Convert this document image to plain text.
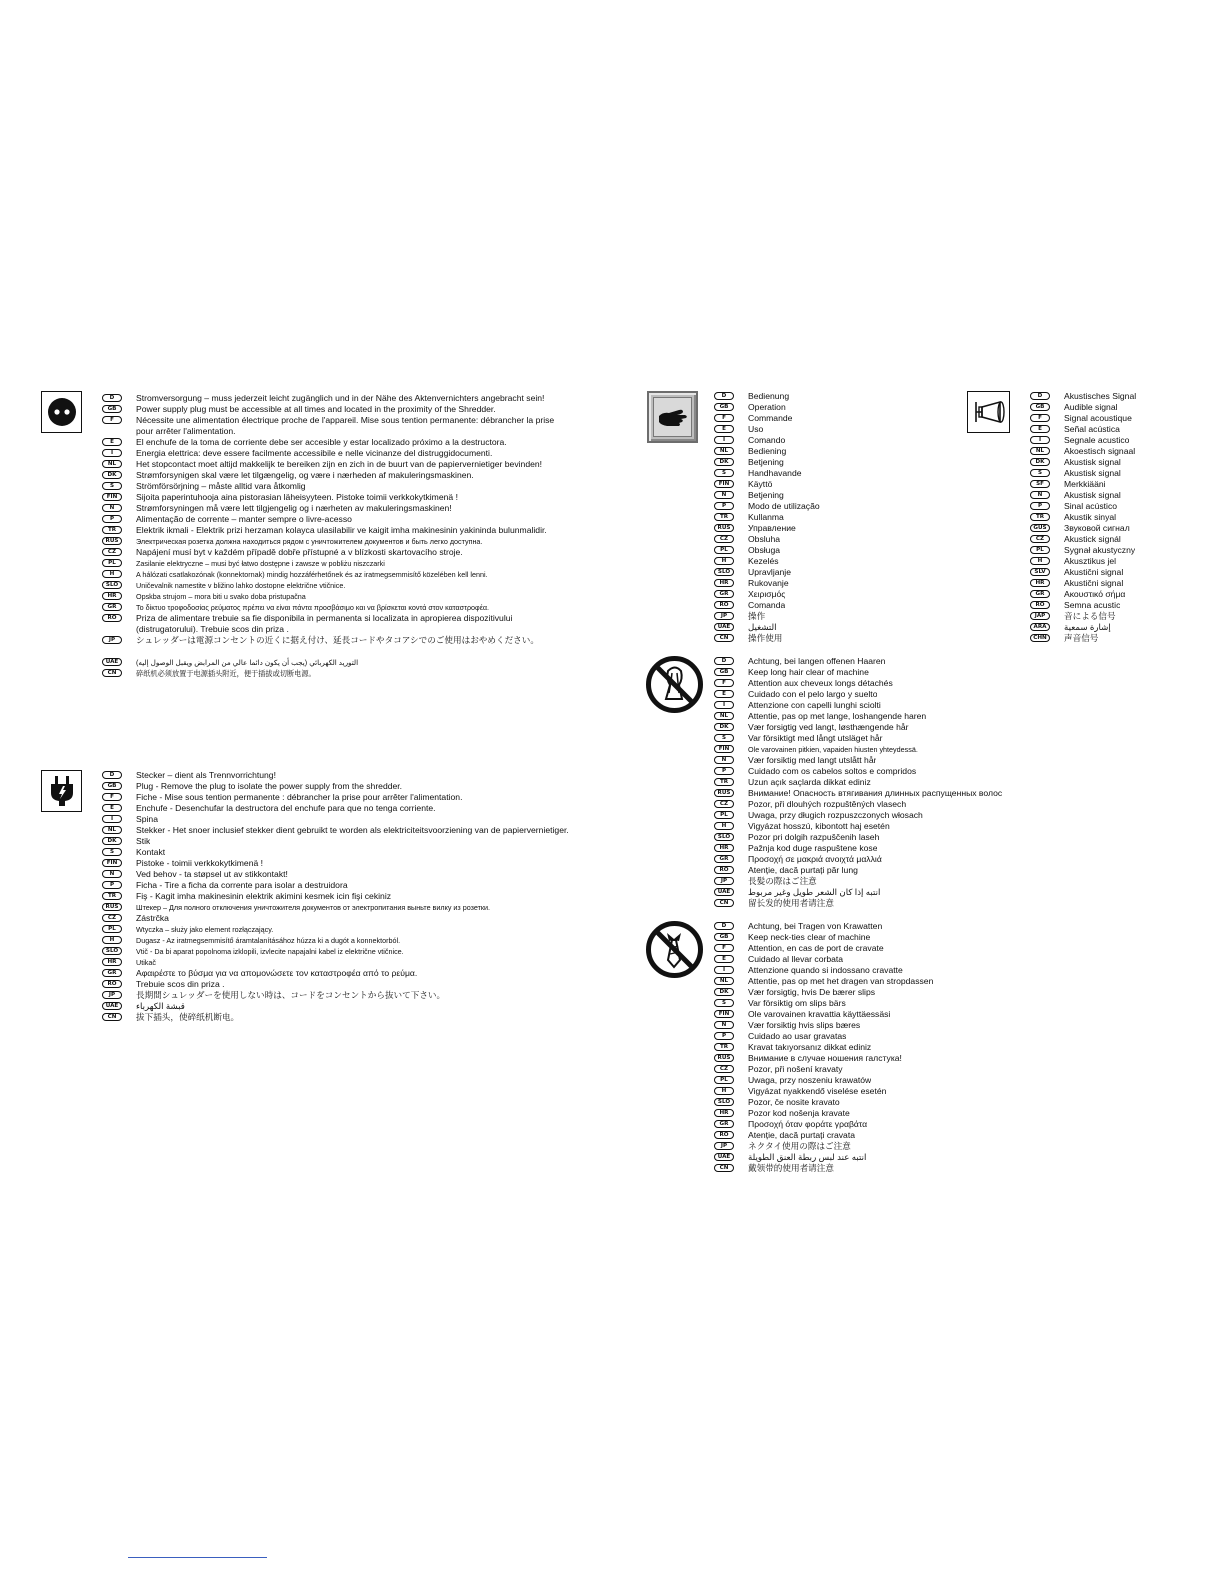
D	Stromversorgung – muss jederzeit leicht zugänglich und in der Nähe des Aktenvernichters angebracht sein!
GB	Power supply plug must be accessible at all times and located in the proximity of the Shredder.
F	Nécessite une alimentation électrique proche de l'appareil. Mise sous tention permanente: débrancher la prise pour arrêter l'alimentation.
E	El enchufe de la toma de corriente debe ser accesible y estar localizado próximo a la destructora.
I	Energia elettrica: deve essere facilmente accessibile e nelle vicinanze del distruggidocumenti.
NL	Het stopcontact moet altijd makkelijk te bereiken zijn en zich in de buurt van de papiervernietiger bevinden!
DK	Strømforsynigen skal være let tilgængelig, og være i nærheden af makuleringsmaskinen.
S	Strömförsörjning – måste alltid vara åtkomlig
FIN	Sijoita paperintuhooja aina pistorasian läheisyyteen. Pistoke toimii verkkokytkimenä !
N	Strømforsyningen må være lett tilgjengelig og i nærheten av makuleringsmaskinen!
P	Alimentação de corrente – manter sempre o livre-acesso
TR	Elektrik ikmali - Elektrik prizi herzaman kolayca ulasilabilir ve kaigit imha makinesinin yakininda bulunmalidir.
RUS	Электрическая розетка должна находиться рядом с уничтожителем документов и быть легко доступна.
CZ	Napájení musí byt v každém případě dobře přístupné a v blízkosti skartovacího stroje.
PL	Zasilanie elektryczne – musi być łatwo dostępne i zawsze w pobliżu niszczarki
H	A hálózati csatlakozónak (konnektornak) mindig hozzáférhetőnek és az iratmegsemmisítő közelében kell lenni.
SLO	Uničevalnik namestite v bližino lahko dostopne električne vtičnice.
HR	Opskba strujom – mora biti u svako doba pristupačna
GR	Το δίκτυο τροφοδοσίας ρεύματος πρέπει να είναι πάντα προσβάσιμο και να βρίσκεται κοντά στον καταστροφέα.
RO	Priza de alimentare trebuie sa fie disponibila in permanenta si localizata in apropierea dispozitivului (distrugatorului). Trebuie scos din priza .
JP	シュレッダーは電源コンセントの近くに据え付け、延長コードやタコアシでのご使用はおやめください。
UAE	التوريد الكهربائي (يجب أن يكون دائما عالي من المرابض ويقبل الوصول إليه)
CN	碎纸机必须放置于电源插头附近，便于插拔或切断电源。
D	Stecker – dient als Trennvorrichtung!
GB	Plug - Remove the plug to isolate the power supply from the shredder.
F	Fiche - Mise sous tention permanente : débrancher la prise pour arrêter l'alimentation.
E	Enchufe - Desenchufar la destructora del enchufe para que no tenga corriente.
I	Spina
NL	Stekker - Het snoer inclusief stekker dient gebruikt te worden als elektriciteitsvoorziening van de papiervernietiger.
DK	Stik
S	Kontakt
FIN	Pistoke - toimii verkkokytkimenä !
N	Ved behov - ta støpsel ut av stikkontakt!
P	Ficha - Tire a ficha da corrente para isolar a destruidora
TR	Fiş - Kagit imha makinesinin elektrik akimini kesmek icin fişi cekiniz
RUS	Штекер – Для полного отключения уничтожителя документов от электропитания выньте вилку из розетки.
CZ	Zástrčka
PL	Wtyczka – służy jako element rozłączający.
H	Dugasz - Az iratmegsemmisítő áramtalanításához húzza ki a dugót a konnektorból.
SLO	Vtič - Da bi aparat popolnoma izklopili, izvlecite napajalni kabel iz električne vtičnice.
HR	Utikač
GR	Αφαιρέστε το βύσμα για να απομονώσετε τον καταστροφέα από το ρεύμα.
RO	Trebuie scos din priza .
JP	長期間シュレッダーを使用しない時は、コードをコンセントから抜いて下さい。
UAE	قبشة الكهرباء
CN	拔下插头，使碎纸机断电。
D	Bedienung
GB	Operation
F	Commande
E	Uso
I	Comando
NL	Bediening
DK	Betjening
S	Handhavande
FIN	Käyttö
N	Betjening
P	Modo de utilização
TR	Kullanma
RUS	Управление
CZ	Obsluha
PL	Obsługa
H	Kezelés
SLO	Upravljanje
HR	Rukovanje
GR	Χειρισμός
RO	Comanda
JP	操作
UAE	التشغيل
CN	操作使用
D	Akustisches Signal
GB	Audible signal
F	Signal acoustique
E	Señal acústica
I	Segnale acustico
NL	Akoestisch signaal
DK	Akustisk signal
S	Akustisk signal
SF	Merkkiääni
N	Akustisk signal
P	Sinal acústico
TR	Akustik sinyal
GUS	Звуковой сигнал
CZ	Akustick signál
PL	Sygnał akustyczny
H	Akusztikus jel
SLV	Akustični signal
HR	Akustični signal
GR	Ακουστικό σήμα
RO	Semna acustic
JAP	音による信号
ARA	إشارة سمعية
CHN	声音信号
D	Achtung, bei langen offenen Haaren
GB	Keep long hair clear of machine
F	Attention aux cheveux longs détachés
E	Cuidado con el pelo largo y suelto
I	Attenzione con capelli lunghi sciolti
NL	Attentie, pas op met lange, loshangende haren
DK	Vær forsigtig ved langt, løsthængende hår
S	Var försiktigt med långt utsläget hår
FIN	Ole varovainen pitkien, vapaiden hiusten yhteydessä.
N	Vær forsiktig med langt utslått hår
P	Cuidado com os cabelos soltos e compridos
TR	Uzun açık saçlarda dikkat ediniz
RUS	Внимание! Опасность втягивания длинных распущенных волос
CZ	Pozor, při dlouhých rozpuštěných vlasech
PL	Uwaga, przy długich rozpuszczonych włosach
H	Vigyázat hosszú, kibontott haj esetén
SLO	Pozor pri dolgih razpuščenih laseh
HR	Pažnja kod duge raspuštene kose
GR	Προσοχή σε μακριά ανοιχτά μαλλιά
RO	Atenție, dacă purtați păr lung
JP	長髪の際はご注意
UAE	انتبه إذا كان الشعر طويل وغير مربوط
CN	留长发的使用者请注意
D	Achtung, bei Tragen von Krawatten
GB	Keep neck-ties clear of machine
F	Attention, en cas de port de cravate
E	Cuidado al llevar corbata
I	Attenzione quando si indossano cravatte
NL	Attentie, pas op met het dragen van stropdassen
DK	Vær forsigtig, hvis De bærer slips
S	Var försiktig om slips bärs
FIN	Ole varovainen kravattia käyttäessäsi
N	Vær forsiktig hvis slips bæres
P	Cuidado ao usar gravatas
TR	Kravat takıyorsanız dikkat ediniz
RUS	Внимание в случае ношения галстука!
CZ	Pozor, při nošení kravaty
PL	Uwaga, przy noszeniu krawatów
H	Vigyázat nyakkendő viselése esetén
SLO	Pozor, če nosite kravato
HR	Pozor kod nošenja kravate
GR	Προσοχή όταν φοράτε γραβάτα
RO	Atenție, dacă purtați cravata
JP	ネクタイ使用の際はご注意
UAE	انتبه عند لبس ربطة العنق الطويلة
CN	戴领带的使用者请注意
